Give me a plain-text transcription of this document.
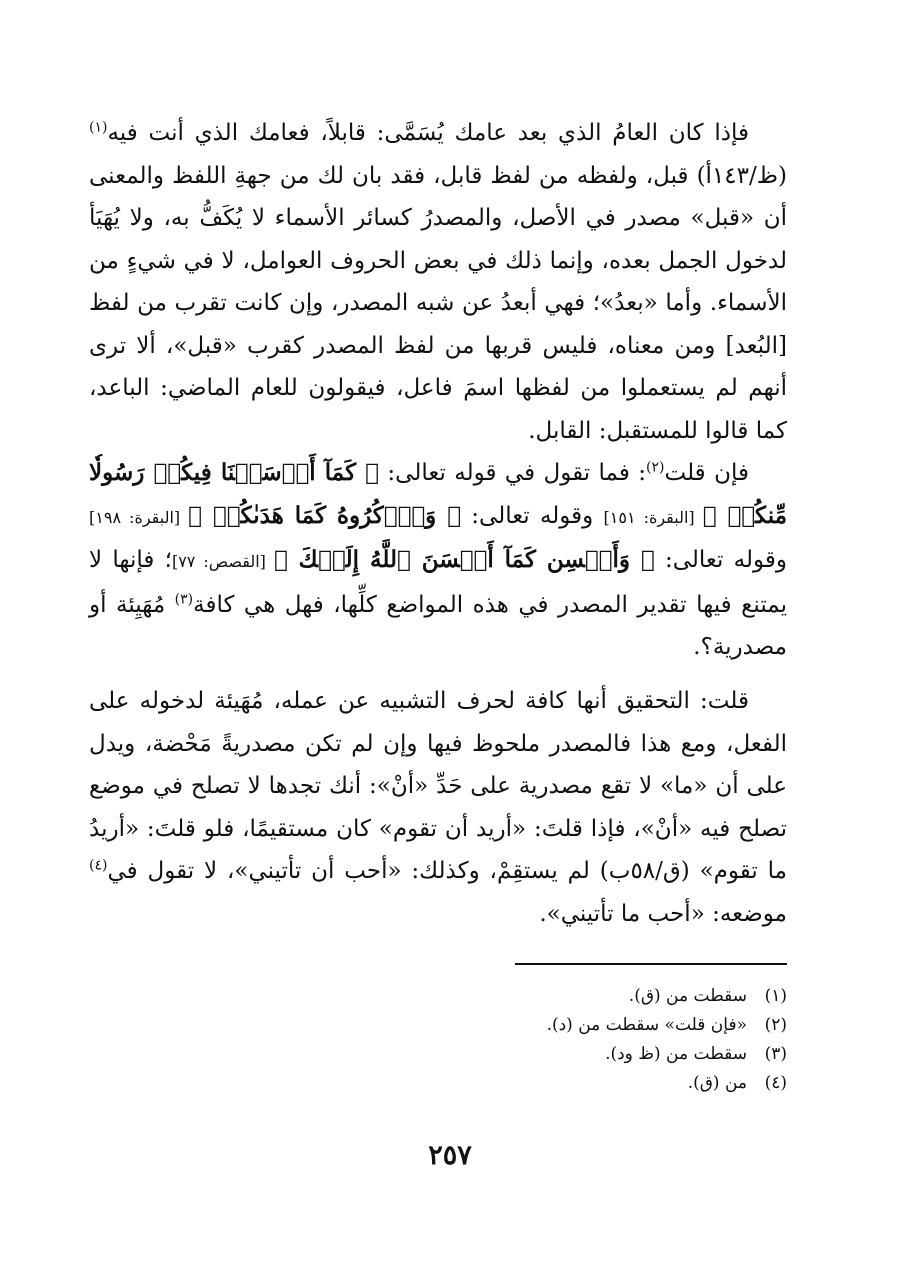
فإذا كان العامُ الذي بعد عامك يُسَمَّى: قابلاً، فعامك الذي أنت فيه$^{(١)}$ (ظ/١٤٣أ) قبل، ولفظه من لفظ قابل، فقد بان لك من جهةِ اللفظ والمعنى أن «قبل» مصدر في الأصل، والمصدرُ كسائر الأسماء لا يُكَفُّ به، ولا يُهَيَأ لدخول الجمل بعده، وإنما ذلك في بعض الحروف العوامل، لا في شيءٍ من الأسماء. وأما «بعدُ»؛ فهي أبعدُ عن شبه المصدر، وإن كانت تقرب من لفظ [البُعد] ومن معناه، فليس قربها من لفظ المصدر كقرب «قبل»، ألا ترى أنهم لم يستعملوا من لفظها اسمَ فاعل، فيقولون للعام الماضي: الباعد، كما قالوا للمستقبل: القابل.

فإن قلت$^{(٢)}$: فما تقول في قوله تعالى: ﴿ كَمَآ أَرۡسَلۡنَا فِيكُمۡ رَسُولٗا مِّنكُمۡ ﴾ [البقرة: ١٥١] وقوله تعالى: ﴿ وَٱذۡكُرُوهُ كَمَا هَدَىٰكُمۡ ﴾ [البقرة: ١٩٨] وقوله تعالى: ﴿ وَأَحۡسِن كَمَآ أَحۡسَنَ ٱللَّهُ إِلَيۡكَ ﴾ [القصص: ٧٧]؛ فإنها لا يمتنع فيها تقدير المصدر في هذه المواضع كلِّها، فهل هي كافة$^{(٣)}$ مُهَيِئة أو مصدرية؟.

قلت: التحقيق أنها كافة لحرف التشبيه عن عمله، مُهَيئة لدخوله على الفعل، ومع هذا فالمصدر ملحوظ فيها وإن لم تكن مصدريةً مَحْضة، ويدل على أن «ما» لا تقع مصدرية على حَدِّ «أنْ»: أنك تجدها لا تصلح في موضع تصلح فيه «أنْ»، فإذا قلتَ: «أريد أن تقوم» كان مستقيمًا، فلو قلتَ: «أريدُ ما تقوم» (ق/٥٨ب) لم يستقِمْ، وكذلك: «أحب أن تأتيني»، لا تقول في$^{(٤)}$ موضعه: «أحب ما تأتيني».

(١)
سقطت من (ق).
(٢)
«فإن قلت» سقطت من (د).
(٣)
سقطت من (ظ ود).
(٤)
من (ق).
٢٥٧
